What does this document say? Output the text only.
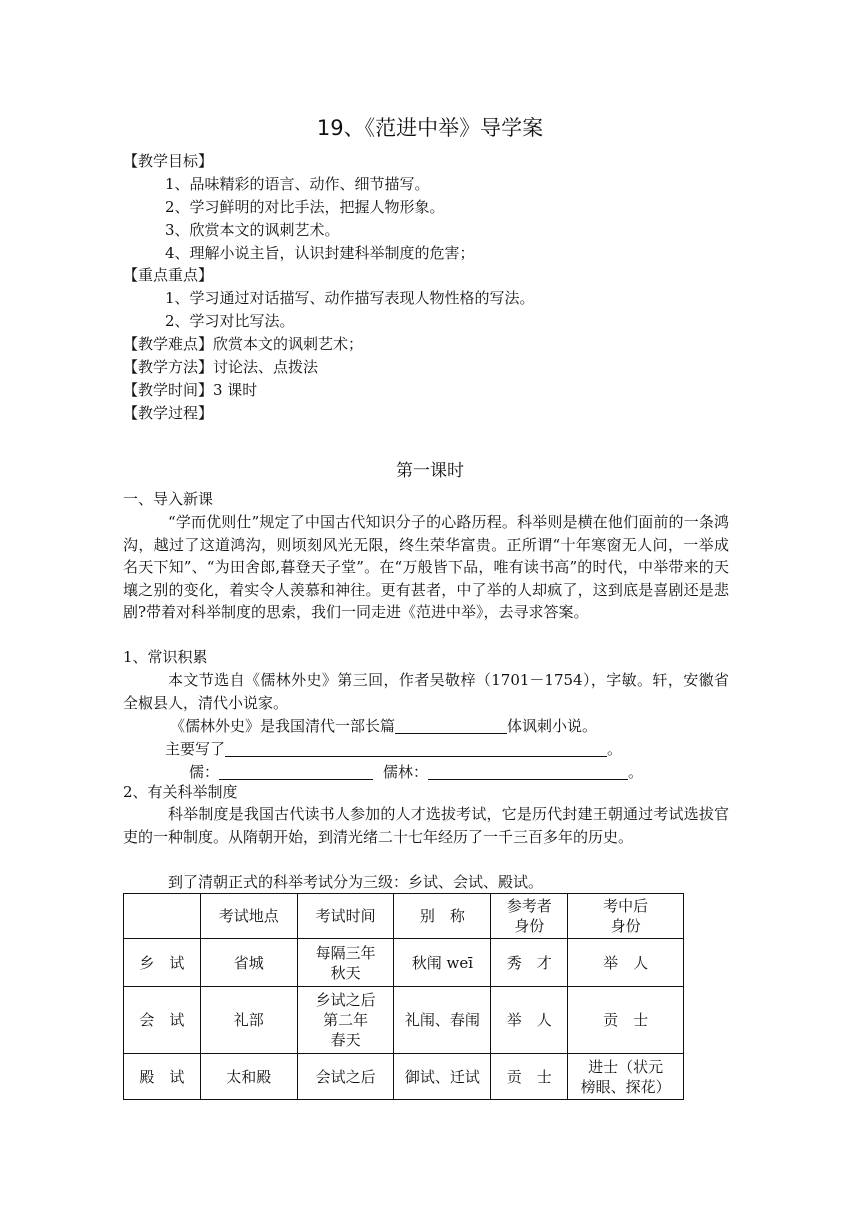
19、《范进中举》导学案
【教学目标】
1、品味精彩的语言、动作、细节描写。
2、学习鲜明的对比手法，把握人物形象。
3、欣赏本文的讽刺艺术。
4、理解小说主旨，认识封建科举制度的危害；
【重点重点】
1、学习通过对话描写、动作描写表现人物性格的写法。
2、学习对比写法。
【教学难点】欣赏本文的讽刺艺术；
【教学方法】讨论法、点拨法
【教学时间】3 课时
【教学过程】
第一课时
一、导入新课
“学而优则仕”规定了中国古代知识分子的心路历程。科举则是横在他们面前的一条鸿沟，越过了这道鸿沟，则顷刻风光无限，终生荣华富贵。正所谓“十年寒窗无人问，一举成名天下知”、“为田舍郎,暮登天子堂”。在“万般皆下品，唯有读书高”的时代，中举带来的天壤之别的变化，着实令人羡慕和神往。更有甚者，中了举的人却疯了，这到底是喜剧还是悲剧?带着对科举制度的思索，我们一同走进《范进中举》，去寻求答案。
1、常识积累
本文节选自《儒林外史》第三回，作者吴敬梓（1701－1754），字敏。轩，安徽省全椒县人，清代小说家。
《儒林外史》是我国清代一部长篇	体讽刺小说。
主要写了	。
儒：	儒林：	。
2、有关科举制度
科举制度是我国古代读书人参加的人才选拔考试，它是历代封建王朝通过考试选拔官吏的一种制度。从隋朝开始，到清光绪二十七年经历了一千三百多年的历史。
到了清朝正式的科举考试分为三级：乡试、会试、殿试。
	考试地点	考试时间	别　称	参考者
身份	考中后
身份
乡　试	省城	每隔三年
秋天	秋闱 weī	秀　才	举　人
会　试	礼部	乡试之后
第二年
春天	礼闱、春闱	举　人	贡　士
殿　试	太和殿	会试之后	御试、迁试	贡　士	进士（状元
榜眼、探花）
